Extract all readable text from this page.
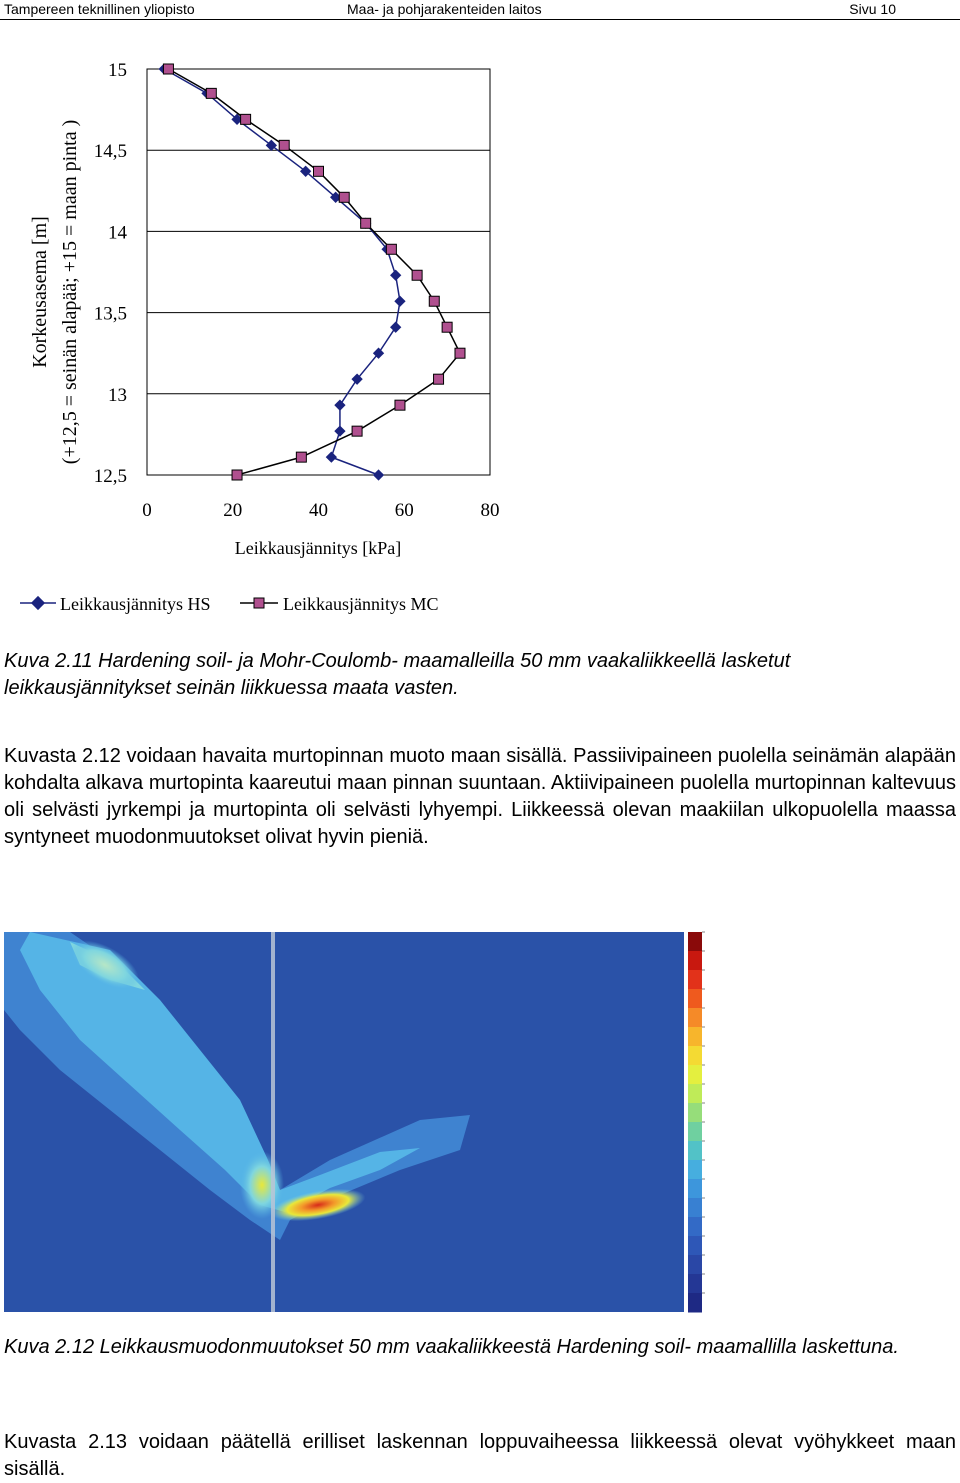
Tampereen teknillinen yliopisto	Maa- ja pohjarakenteiden laitos	Sivu 10
Korkeusasema [m] (+12,5 = seinän alapää; +15 = maan pinta )
12,5
13
13,5
14
14,5
15
0	20	40	60	80
Leikkausjännitys [kPa]
Leikkausjännitys HS	Leikkausjännitys MC
Kuva 2.11 Hardening soil- ja Mohr-Coulomb- maamalleilla 50 mm vaakaliikkeellä lasketut leikkausjännitykset seinän liikkuessa maata vasten.
Kuvasta 2.12 voidaan havaita murtopinnan muoto maan sisällä. Passiivipaineen puolella seinämän alapään kohdalta alkava murtopinta kaareutui maan pinnan suuntaan. Aktiivipaineen puolella murtopinnan kaltevuus oli selvästi jyrkempi ja murtopinta oli selvästi lyhyempi. Liikkeessä olevan maakiilan ulkopuolella maassa syntyneet muodonmuutokset olivat hyvin pieniä.
Kuva 2.12 Leikkausmuodonmuutokset 50 mm vaakaliikkeestä Hardening soil- maamallilla laskettuna.
Kuvasta 2.13 voidaan päätellä erilliset laskennan loppuvaiheessa liikkeessä olevat vyöhykkeet maan sisällä.
